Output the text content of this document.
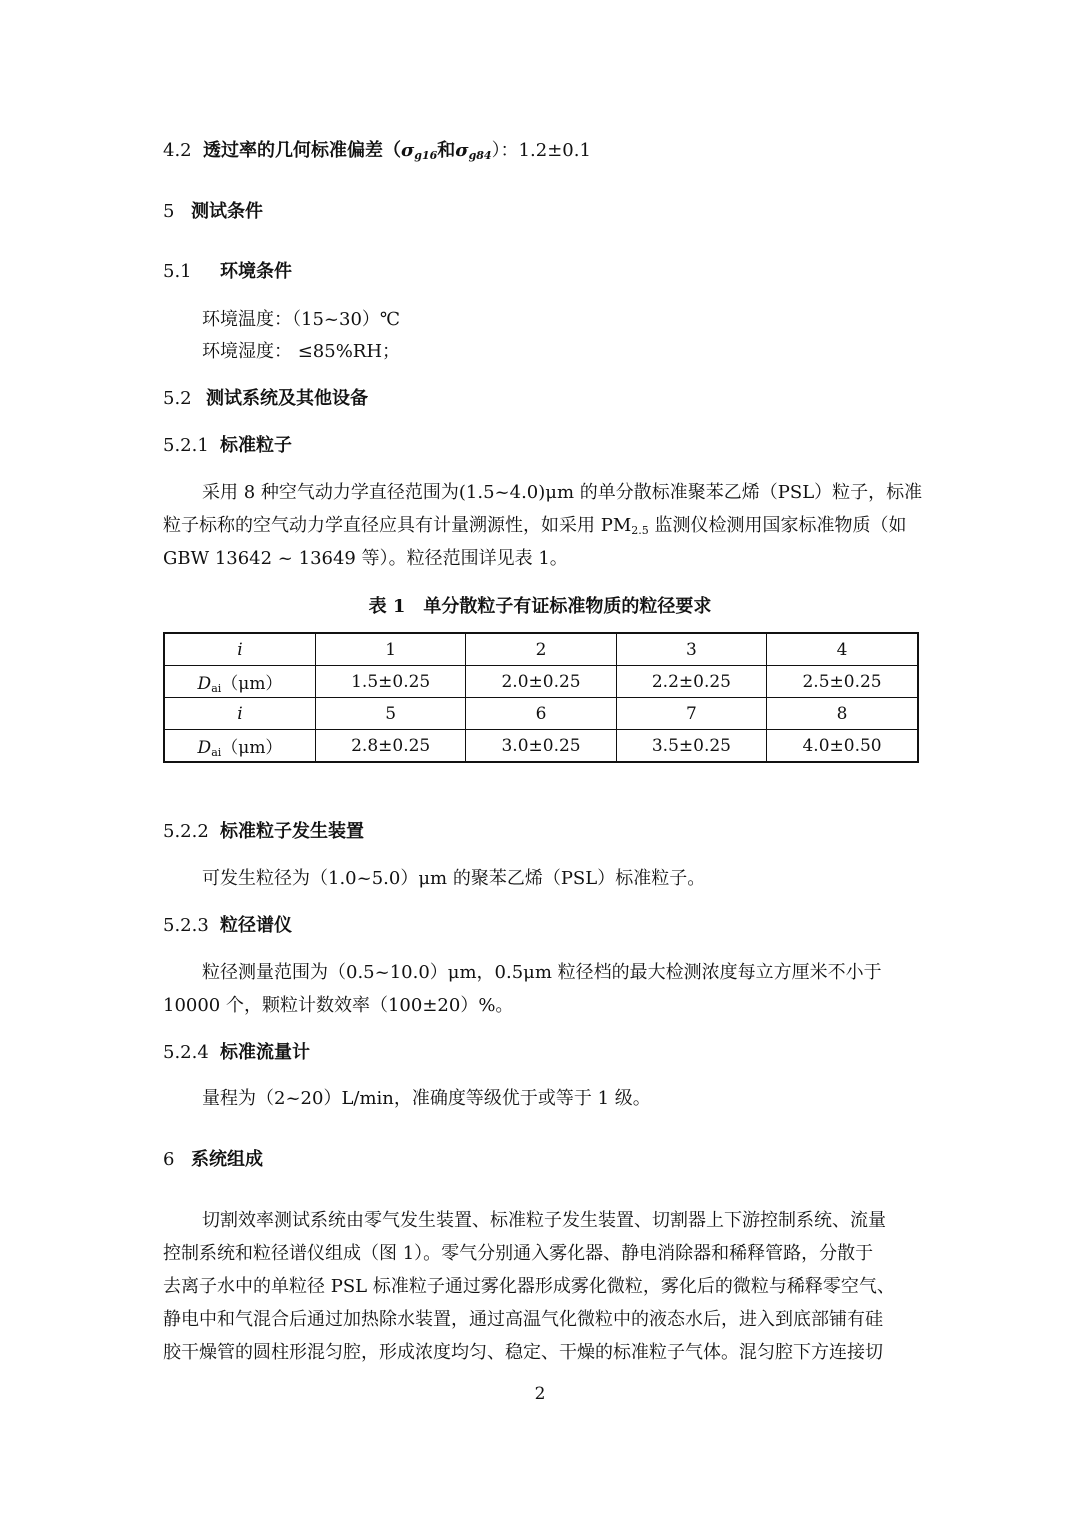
4.2 透过率的几何标准偏差（$\sigma_{g16}$和$\sigma_{g84}$）：1.2±0.1
5 测试条件
5.1 环境条件
环境温度：（15~30）℃
环境湿度： ≤85%RH；
5.2 测试系统及其他设备
5.2.1 标准粒子
采用 8 种空气动力学直径范围为(1.5~4.0)μm 的单分散标准聚苯乙烯（PSL）粒子，标准
粒子标称的空气动力学直径应具有计量溯源性，如采用 $PM_{2.5}$ 监测仪检测用国家标准物质（如
GBW 13642 ~ 13649 等）。粒径范围详见表 1。
表 1　单分散粒子有证标准物质的粒径要求
i	1	2	3	4
$D_{ai}(\mu m)$	1.5±0.25	2.0±0.25	2.2±0.25	2.5±0.25
i	5	6	7	8
$D_{ai}(\mu m)$	2.8±0.25	3.0±0.25	3.5±0.25	4.0±0.50
5.2.2 标准粒子发生装置
可发生粒径为（1.0~5.0）μm 的聚苯乙烯（PSL）标准粒子。
5.2.3 粒径谱仪
粒径测量范围为（0.5~10.0）μm，0.5μm 粒径档的最大检测浓度每立方厘米不小于
10000 个，颗粒计数效率（100±20）%。
5.2.4 标准流量计
量程为（2~20）L/min，准确度等级优于或等于 1 级。
6 系统组成
切割效率测试系统由零气发生装置、标准粒子发生装置、切割器上下游控制系统、流量
控制系统和粒径谱仪组成（图 1）。零气分别通入雾化器、静电消除器和稀释管路，分散于
去离子水中的单粒径 PSL 标准粒子通过雾化器形成雾化微粒，雾化后的微粒与稀释零空气、
静电中和气混合后通过加热除水装置，通过高温气化微粒中的液态水后，进入到底部铺有硅
胶干燥管的圆柱形混匀腔，形成浓度均匀、稳定、干燥的标准粒子气体。混匀腔下方连接切
2
